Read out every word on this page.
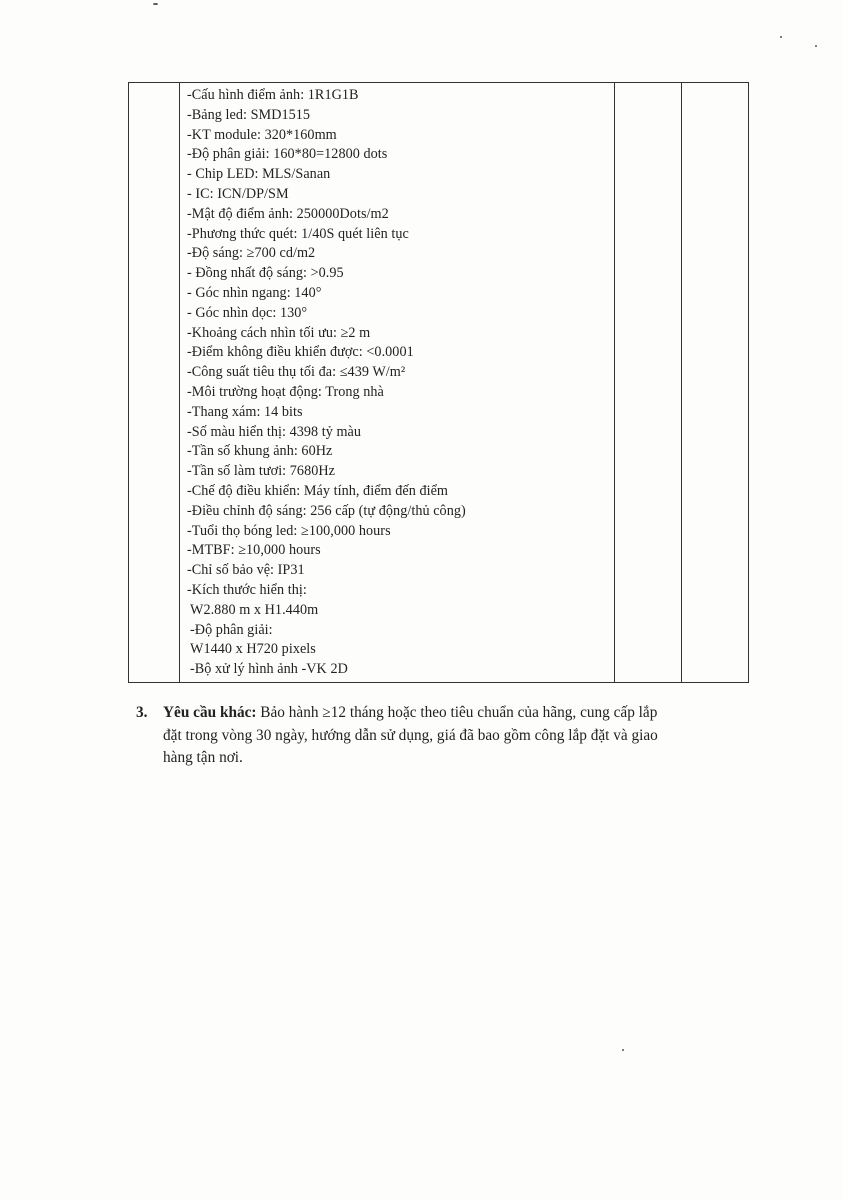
-Cấu hình điểm ảnh: 1R1G1B
-Bảng led: SMD1515
-KT module: 320*160mm
-Độ phân giải: 160*80=12800 dots
- Chip LED: MLS/Sanan
- IC: ICN/DP/SM
-Mật độ điểm ảnh: 250000Dots/m2
-Phương thức quét: 1/40S quét liên tục
-Độ sáng: ≥700 cd/m2
- Đồng nhất độ sáng: >0.95
- Góc nhìn ngang: 140°
- Góc nhìn dọc: 130°
-Khoảng cách nhìn tối ưu: ≥2 m
-Điểm không điều khiển được: <0.0001
-Công suất tiêu thụ tối đa: ≤439 W/m²
-Môi trường hoạt động: Trong nhà
-Thang xám: 14 bits
-Số màu hiển thị: 4398 tỷ màu
-Tần số khung ảnh: 60Hz
-Tần số làm tươi: 7680Hz
-Chế độ điều khiển: Máy tính, điểm đến điểm
-Điều chỉnh độ sáng: 256 cấp (tự động/thủ công)
-Tuổi thọ bóng led: ≥100,000 hours
-MTBF: ≥10,000 hours
-Chỉ số bảo vệ: IP31
-Kích thước hiển thị:
W2.880 m x H1.440m
-Độ phân giải:
W1440 x H720 pixels
-Bộ xử lý hình ảnh -VK 2D

3. Yêu cầu khác: Bảo hành ≥12 tháng hoặc theo tiêu chuẩn của hãng, cung cấp lắp
đặt trong vòng 30 ngày, hướng dẫn sử dụng, giá đã bao gồm công lắp đặt và giao
hàng tận nơi.
